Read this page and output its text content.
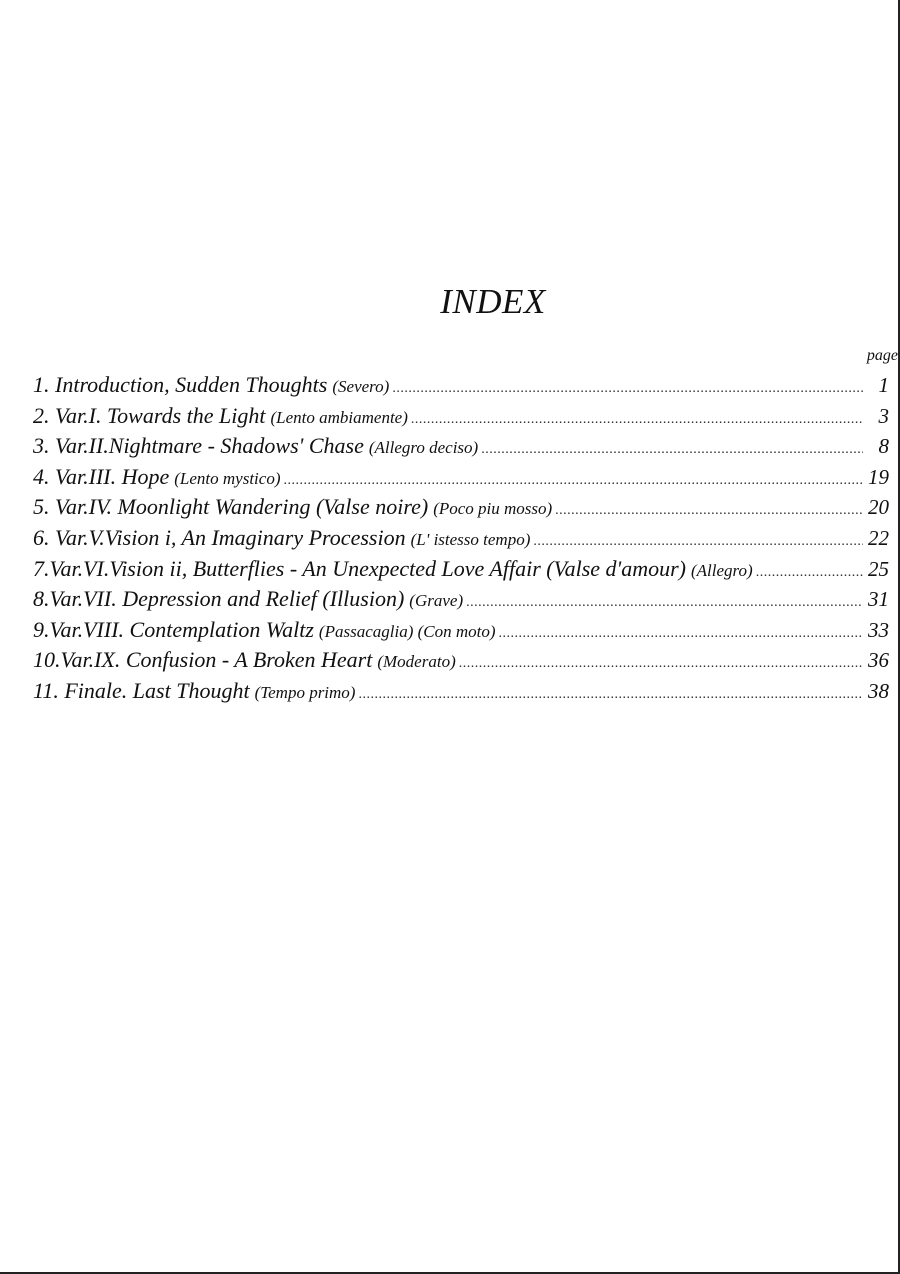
INDEX
page
1. Introduction, Sudden Thoughts (Severo) .....	1
2. Var.I. Towards the Light (Lento ambiamente) .....	3
3. Var.II.Nightmare - Shadows' Chase (Allegro deciso) .....	8
4. Var.III. Hope (Lento mystico) .....	19
5. Var.IV. Moonlight Wandering (Valse noire) (Poco piu mosso) .....	20
6. Var.V.Vision i, An Imaginary Procession (L' istesso tempo) .....	22
7.Var.VI.Vision ii, Butterflies - An Unexpected Love Affair (Valse d'amour) (Allegro) .....	25
8.Var.VII. Depression and Relief (Illusion) (Grave) .....	31
9.Var.VIII. Contemplation Waltz (Passacaglia) (Con moto) .....	33
10.Var.IX. Confusion - A Broken Heart (Moderato) .....	36
11. Finale. Last Thought (Tempo primo) .....	38
